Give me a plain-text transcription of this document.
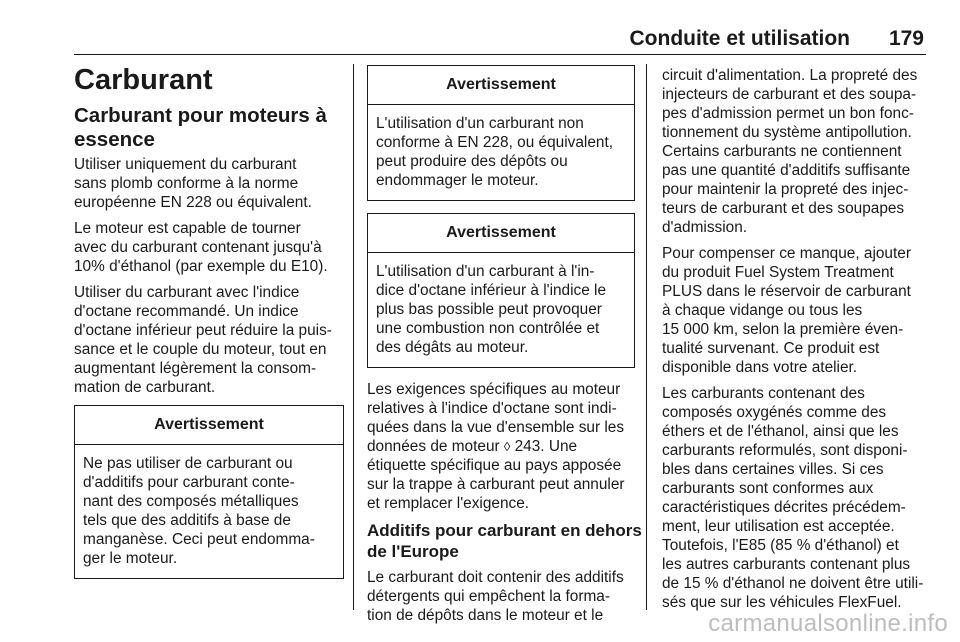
Conduite et utilisation 179
Carburant
Carburant pour moteurs à
essence

Utiliser uniquement du carburant
sans plomb conforme à la norme
européenne EN 228 ou équivalent.

Le moteur est capable de tourner
avec du carburant contenant jusqu'à
10% d'éthanol (par exemple du E10).

Utiliser du carburant avec l'indice
d'octane recommandé. Un indice
d'octane inférieur peut réduire la puis-
sance et le couple du moteur, tout en
augmentant légèrement la consom-
mation de carburant.

Avertissement
Ne pas utiliser de carburant ou
d'additifs pour carburant conte-
nant des composés métalliques
tels que des additifs à base de
manganèse. Ceci peut endomma-
ger le moteur.
Avertissement
L'utilisation d'un carburant non
conforme à EN 228, ou équivalent,
peut produire des dépôts ou
endommager le moteur.
Avertissement
L'utilisation d'un carburant à l'in-
dice d'octane inférieur à l'indice le
plus bas possible peut provoquer
une combustion non contrôlée et
des dégâts au moteur.

Les exigences spécifiques au moteur
relatives à l'indice d'octane sont indi-
quées dans la vue d'ensemble sur les
données de moteur ◊ 243. Une
étiquette spécifique au pays apposée
sur la trappe à carburant peut annuler
et remplacer l'exigence.

Additifs pour carburant en dehors
de l'Europe

Le carburant doit contenir des additifs
détergents qui empêchent la forma-
tion de dépôts dans le moteur et le

circuit d'alimentation. La propreté des
injecteurs de carburant et des soupa-
pes d'admission permet un bon fonc-
tionnement du système antipollution.
Certains carburants ne contiennent
pas une quantité d'additifs suffisante
pour maintenir la propreté des injec-
teurs de carburant et des soupapes
d'admission.

Pour compenser ce manque, ajouter
du produit Fuel System Treatment
PLUS dans le réservoir de carburant
à chaque vidange ou tous les
15 000 km, selon la première éven-
tualité survenant. Ce produit est
disponible dans votre atelier.

Les carburants contenant des
composés oxygénés comme des
éthers et de l'éthanol, ainsi que les
carburants reformulés, sont disponi-
bles dans certaines villes. Si ces
carburants sont conformes aux
caractéristiques décrites précédem-
ment, leur utilisation est acceptée.
Toutefois, l'E85 (85 % d'éthanol) et
les autres carburants contenant plus
de 15 % d'éthanol ne doivent être utili-
sés que sur les véhicules FlexFuel.

carmanualsonline.info
